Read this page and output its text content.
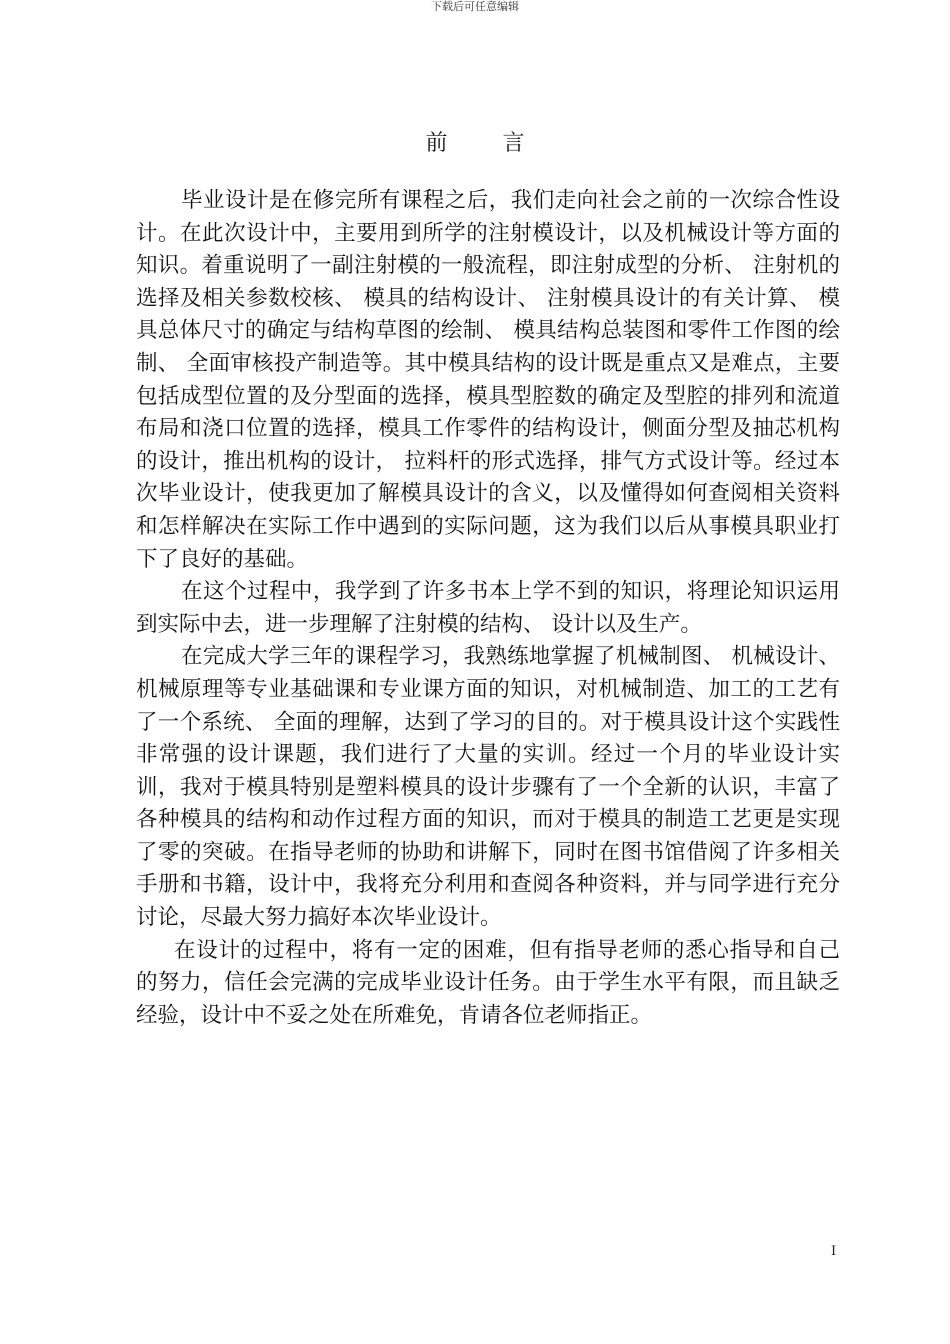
下载后可任意编辑
前 言

毕业设计是在修完所有课程之后，我们走向社会之前的一次综合性设计。在此次设计中，主要用到所学的注射模设计，以及机械设计等方面的知识。着重说明了一副注射模的一般流程，即注射成型的分析、 注射机的选择及相关参数校核、 模具的结构设计、 注射模具设计的有关计算、 模具总体尺寸的确定与结构草图的绘制、 模具结构总装图和零件工作图的绘制、 全面审核投产制造等。其中模具结构的设计既是重点又是难点，主要包括成型位置的及分型面的选择，模具型腔数的确定及型腔的排列和流道布局和浇口位置的选择，模具工作零件的结构设计，侧面分型及抽芯机构的设计，推出机构的设计， 拉料杆的形式选择，排气方式设计等。经过本次毕业设计，使我更加了解模具设计的含义，以及懂得如何查阅相关资料和怎样解决在实际工作中遇到的实际问题，这为我们以后从事模具职业打下了良好的基础。

在这个过程中，我学到了许多书本上学不到的知识，将理论知识运用到实际中去，进一步理解了注射模的结构、 设计以及生产。

在完成大学三年的课程学习，我熟练地掌握了机械制图、 机械设计、 机械原理等专业基础课和专业课方面的知识，对机械制造、加工的工艺有了一个系统、 全面的理解，达到了学习的目的。对于模具设计这个实践性非常强的设计课题，我们进行了大量的实训。经过一个月的毕业设计实训，我对于模具特别是塑料模具的设计步骤有了一个全新的认识，丰富了各种模具的结构和动作过程方面的知识，而对于模具的制造工艺更是实现了零的突破。在指导老师的协助和讲解下，同时在图书馆借阅了许多相关手册和书籍，设计中，我将充分利用和查阅各种资料，并与同学进行充分讨论，尽最大努力搞好本次毕业设计。

在设计的过程中，将有一定的困难，但有指导老师的悉心指导和自己的努力，信任会完满的完成毕业设计任务。由于学生水平有限，而且缺乏经验，设计中不妥之处在所难免，肯请各位老师指正。

I
